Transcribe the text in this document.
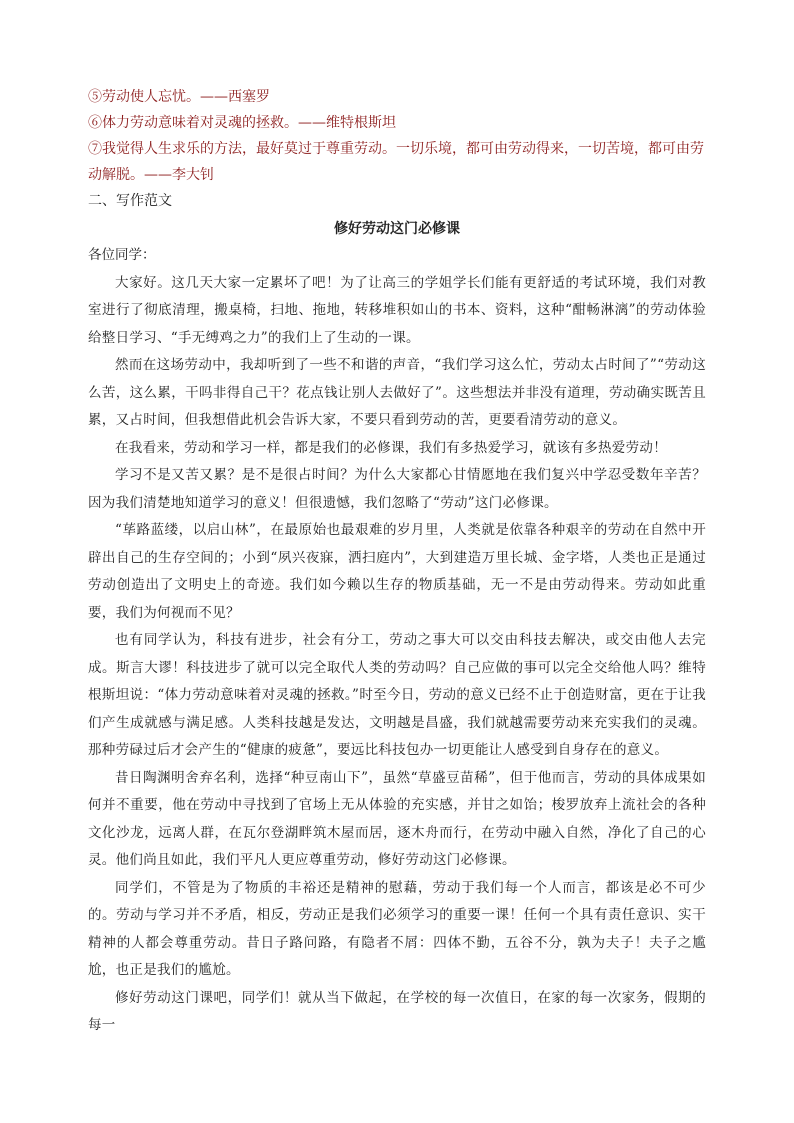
⑤劳动使人忘忧。——西塞罗

⑥体力劳动意味着对灵魂的拯救。——维特根斯坦

⑦我觉得人生求乐的方法，最好莫过于尊重劳动。一切乐境，都可由劳动得来，一切苦境，都可由劳动解脱。——李大钊

二、写作范文

修好劳动这门必修课

各位同学：

大家好。这几天大家一定累坏了吧！为了让高三的学姐学长们能有更舒适的考试环境，我们对教室进行了彻底清理，搬桌椅，扫地、拖地，转移堆积如山的书本、资料，这种“酣畅淋漓”的劳动体验给整日学习、“手无缚鸡之力”的我们上了生动的一课。

然而在这场劳动中，我却听到了一些不和谐的声音，“我们学习这么忙，劳动太占时间了”“劳动这么苦，这么累，干吗非得自己干？花点钱让别人去做好了”。这些想法并非没有道理，劳动确实既苦且累，又占时间，但我想借此机会告诉大家，不要只看到劳动的苦，更要看清劳动的意义。

在我看来，劳动和学习一样，都是我们的必修课，我们有多热爱学习，就该有多热爱劳动！

学习不是又苦又累？是不是很占时间？为什么大家都心甘情愿地在我们复兴中学忍受数年辛苦？因为我们清楚地知道学习的意义！但很遗憾，我们忽略了“劳动”这门必修课。

“荜路蓝缕，以启山林”，在最原始也最艰难的岁月里，人类就是依靠各种艰辛的劳动在自然中开辟出自己的生存空间的；小到“夙兴夜寐，洒扫庭内”，大到建造万里长城、金字塔，人类也正是通过劳动创造出了文明史上的奇迹。我们如今赖以生存的物质基础，无一不是由劳动得来。劳动如此重要，我们为何视而不见？

也有同学认为，科技有进步，社会有分工，劳动之事大可以交由科技去解决，或交由他人去完成。斯言大谬！科技进步了就可以完全取代人类的劳动吗？自己应做的事可以完全交给他人吗？维特根斯坦说：“体力劳动意味着对灵魂的拯救。”时至今日，劳动的意义已经不止于创造财富，更在于让我们产生成就感与满足感。人类科技越是发达，文明越是昌盛，我们就越需要劳动来充实我们的灵魂。那种劳碌过后才会产生的“健康的疲惫”，要远比科技包办一切更能让人感受到自身存在的意义。

昔日陶渊明舍弃名利，选择“种豆南山下”，虽然“草盛豆苗稀”，但于他而言，劳动的具体成果如何并不重要，他在劳动中寻找到了官场上无从体验的充实感，并甘之如饴；梭罗放弃上流社会的各种文化沙龙，远离人群，在瓦尔登湖畔筑木屋而居，逐木舟而行，在劳动中融入自然，净化了自己的心灵。他们尚且如此，我们平凡人更应尊重劳动，修好劳动这门必修课。

同学们，不管是为了物质的丰裕还是精神的慰藉，劳动于我们每一个人而言，都该是必不可少的。劳动与学习并不矛盾，相反，劳动正是我们必须学习的重要一课！任何一个具有责任意识、实干精神的人都会尊重劳动。昔日子路问路，有隐者不屑：四体不勤，五谷不分，孰为夫子！夫子之尴尬，也正是我们的尴尬。

修好劳动这门课吧，同学们！就从当下做起，在学校的每一次值日，在家的每一次家务，假期的每一
